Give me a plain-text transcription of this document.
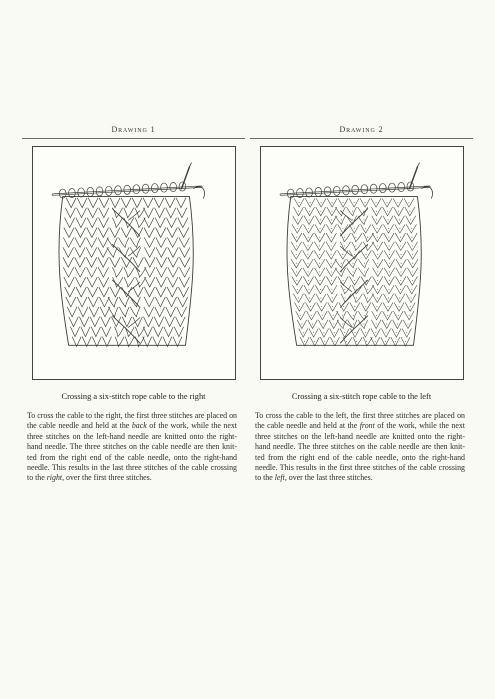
Drawing 1
Crossing a six-stitch rope cable to the right

To cross the cable to the right, the first three stitches are placed on the cable needle and held at the back of the work, while the next three stitches on the left-hand needle are knitted onto the right-hand needle. The three stitches on the cable needle are then knit-ted from the right end of the cable needle, onto the right-hand needle. This results in the last three stitches of the cable crossing to the right, over the first three stitches.

Drawing 2
Crossing a six-stitch rope cable to the left

To cross the cable to the left, the first three stitches are placed on the cable needle and held at the front of the work, while the next three stitches on the left-hand needle are knitted onto the right-hand needle. The three stitches on the cable needle are then knit-ted from the right end of the cable needle, onto the right-hand needle. This results in the first three stitches of the cable crossing to the left, over the last three stitches.
